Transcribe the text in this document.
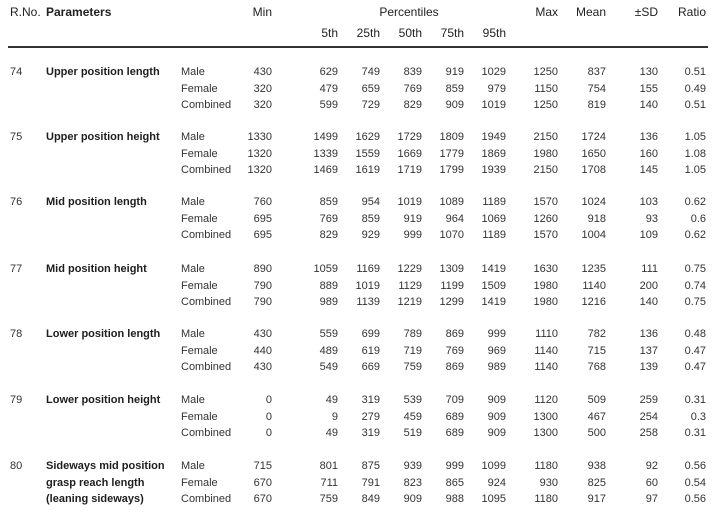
R.No. Parameters	Min	Percentiles	Max	Mean	±SD	Ratio
5th	25th	50th	75th	95th
74 Upper position length Male	430	629	749	839	919	1029	1250	837	130	0.51
Female	320	479	659	769	859	979	1150	754	155	0.49
Combined	320	599	729	829	909	1019	1250	819	140	0.51
75 Upper position height Male	1330	1499	1629	1729	1809	1949	2150	1724	136	1.05
Female	1320	1339	1559	1669	1779	1869	1980	1650	160	1.08
Combined	1320	1469	1619	1719	1799	1939	2150	1708	145	1.05
76 Mid position length	Male	760	859	954	1019	1089	1189	1570	1024	103	0.62
Female	695	769	859	919	964	1069	1260	918	93	0.6
Combined	695	829	929	999	1070	1189	1570	1004	109	0.62
77 Mid position height	Male	890	1059	1169	1229	1309	1419	1630	1235	111	0.75
Female	790	889	1019	1129	1199	1509	1980	1140	200	0.74
Combined	790	989	1139	1219	1299	1419	1980	1216	140	0.75
78 Lower position length Male	430	559	699	789	869	999	1110	782	136	0.48
Female	440	489	619	719	769	969	1140	715	137	0.47
Combined	430	549	669	759	869	989	1140	768	139	0.47
79 Lower position height Male	0	49	319	539	709	909	1120	509	259	0.31
Female	0	9	279	459	689	909	1300	467	254	0.3
Combined	0	49	319	519	689	909	1300	500	258	0.31
80 Sideways mid position
grasp reach length
(leaning sideways)
Male	715	801	875	939	999	1099	1180	938	92	0.56
Female	670	711	791	823	865	924	930	825	60	0.54
Combined	670	759	849	909	988	1095	1180	917	97	0.56
